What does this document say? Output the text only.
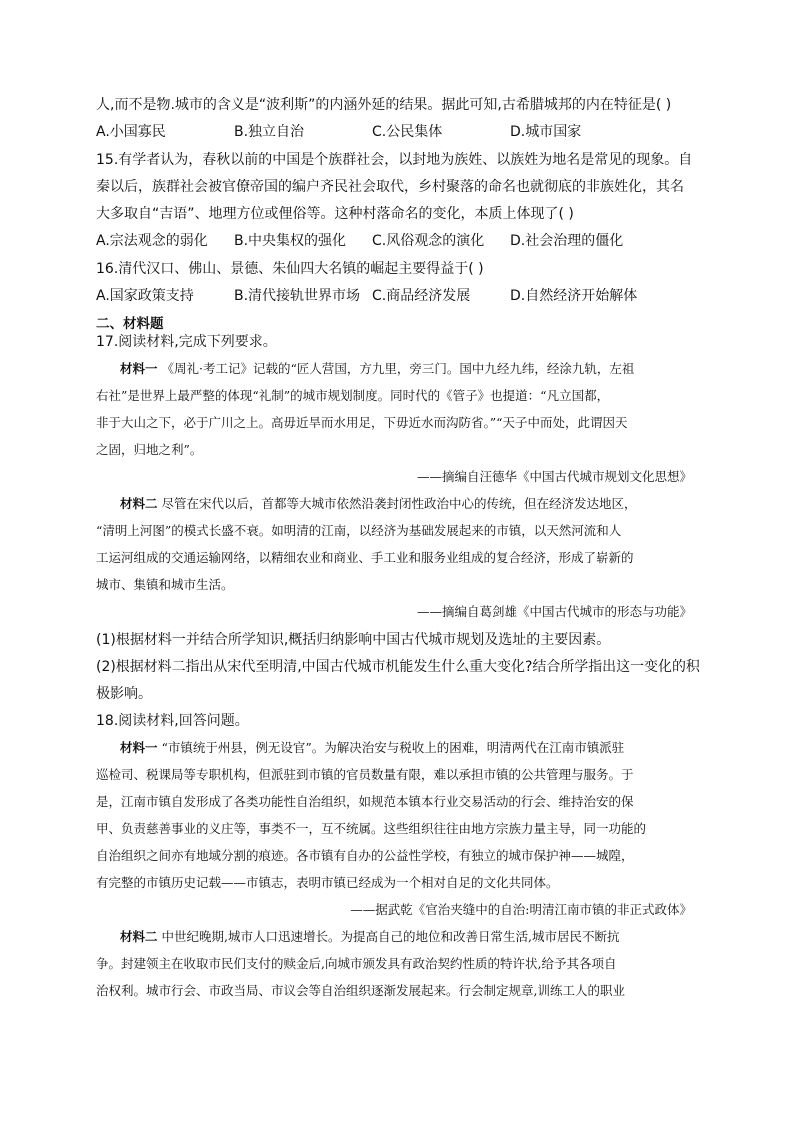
人,而不是物.城市的含义是“波利斯”的内涵外延的结果。据此可知,古希腊城邦的内在特征是( )
A.小国寡民	B.独立自治	C.公民集体	D.城市国家
15.有学者认为，春秋以前的中国是个族群社会，以封地为族姓、以族姓为地名是常见的现象。自
秦以后，族群社会被官僚帝国的编户齐民社会取代，乡村聚落的命名也就彻底的非族姓化，其名
大多取自“吉语”、地理方位或俚俗等。这种村落命名的变化，本质上体现了( )
A.宗法观念的弱化 B.中央集权的强化 C.风俗观念的演化 D.社会治理的僵化
16.清代汉口、佛山、景德、朱仙四大名镇的崛起主要得益于( )
A.国家政策支持	B.清代接轨世界市场 C.商品经济发展	D.自然经济开始解体
二、材料题
17.阅读材料,完成下列要求。
材料一 《周礼·考工记》记载的“匠人营国，方九里，旁三门。国中九经九纬，经涂九轨，左祖
右社”是世界上最严整的体现“礼制”的城市规划制度。同时代的《管子》也提道：“凡立国都，
非于大山之下，必于广川之上。高毋近旱而水用足，下毋近水而沟防省。”“天子中而处，此谓因天
之固，归地之利”。
——摘编自汪德华《中国古代城市规划文化思想》
材料二 尽管在宋代以后，首都等大城市依然沿袭封闭性政治中心的传统，但在经济发达地区，
“清明上河图”的模式长盛不衰。如明清的江南，以经济为基础发展起来的市镇，以天然河流和人
工运河组成的交通运输网络，以精细农业和商业、手工业和服务业组成的复合经济，形成了崭新的
城市、集镇和城市生活。
——摘编自葛剑雄《中国古代城市的形态与功能》
(1)根据材料一并结合所学知识,概括归纳影响中国古代城市规划及选址的主要因素。
(2)根据材料二指出从宋代至明清,中国古代城市机能发生什么重大变化?结合所学指出这一变化的积
极影响。
18.阅读材料,回答问题。
材料一 “市镇统于州县，例无设官”。为解决治安与税收上的困难，明清两代在江南市镇派驻
巡检司、税课局等专职机构，但派驻到市镇的官员数量有限，难以承担市镇的公共管理与服务。于
是，江南市镇自发形成了各类功能性自治组织，如规范本镇本行业交易活动的行会、维持治安的保
甲、负责慈善事业的义庄等，事类不一，互不统属。这些组织往往由地方宗族力量主导，同一功能的
自治组织之间亦有地域分割的痕迹。各市镇有自办的公益性学校，有独立的城市保护神——城隍，
有完整的市镇历史记载——市镇志，表明市镇已经成为一个相对自足的文化共同体。
——据武乾《官治夹缝中的自治:明清江南市镇的非正式政体》
材料二 中世纪晚期,城市人口迅速增长。为提高自己的地位和改善日常生活,城市居民不断抗
争。封建领主在收取市民们支付的赎金后,向城市颁发具有政治契约性质的特许状,给予其各项自
治权利。城市行会、市政当局、市议会等自治组织逐渐发展起来。行会制定规章,训练工人的职业
